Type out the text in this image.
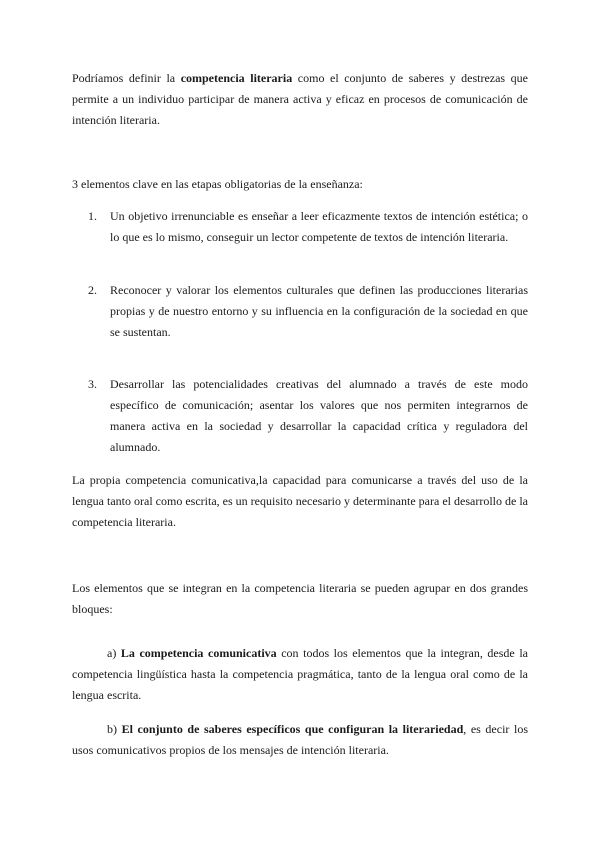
Podríamos definir la competencia literaria como el conjunto de saberes y destrezas que permite a un individuo participar de manera activa y eficaz en procesos de comunicación de intención literaria.

3 elementos clave en las etapas obligatorias de la enseñanza:

1. Un objetivo irrenunciable es enseñar a leer eficazmente textos de intención estética; o lo que es lo mismo, conseguir un lector competente de textos de intención literaria.
2. Reconocer y valorar los elementos culturales que definen las producciones literarias propias y de nuestro entorno y su influencia en la configuración de la sociedad en que se sustentan.
3. Desarrollar las potencialidades creativas del alumnado a través de este modo específico de comunicación; asentar los valores que nos permiten integrarnos de manera activa en la sociedad y desarrollar la capacidad crítica y reguladora del alumnado.

La propia competencia comunicativa,la capacidad para comunicarse a través del uso de la lengua tanto oral como escrita, es un requisito necesario y determinante para el desarrollo de la competencia literaria.

Los elementos que se integran en la competencia literaria se pueden agrupar en dos grandes bloques:

a) La competencia comunicativa con todos los elementos que la integran, desde la competencia lingüística hasta la competencia pragmática, tanto de la lengua oral como de la lengua escrita.

b) El conjunto de saberes específicos que configuran la literariedad, es decir los usos comunicativos propios de los mensajes de intención literaria.
